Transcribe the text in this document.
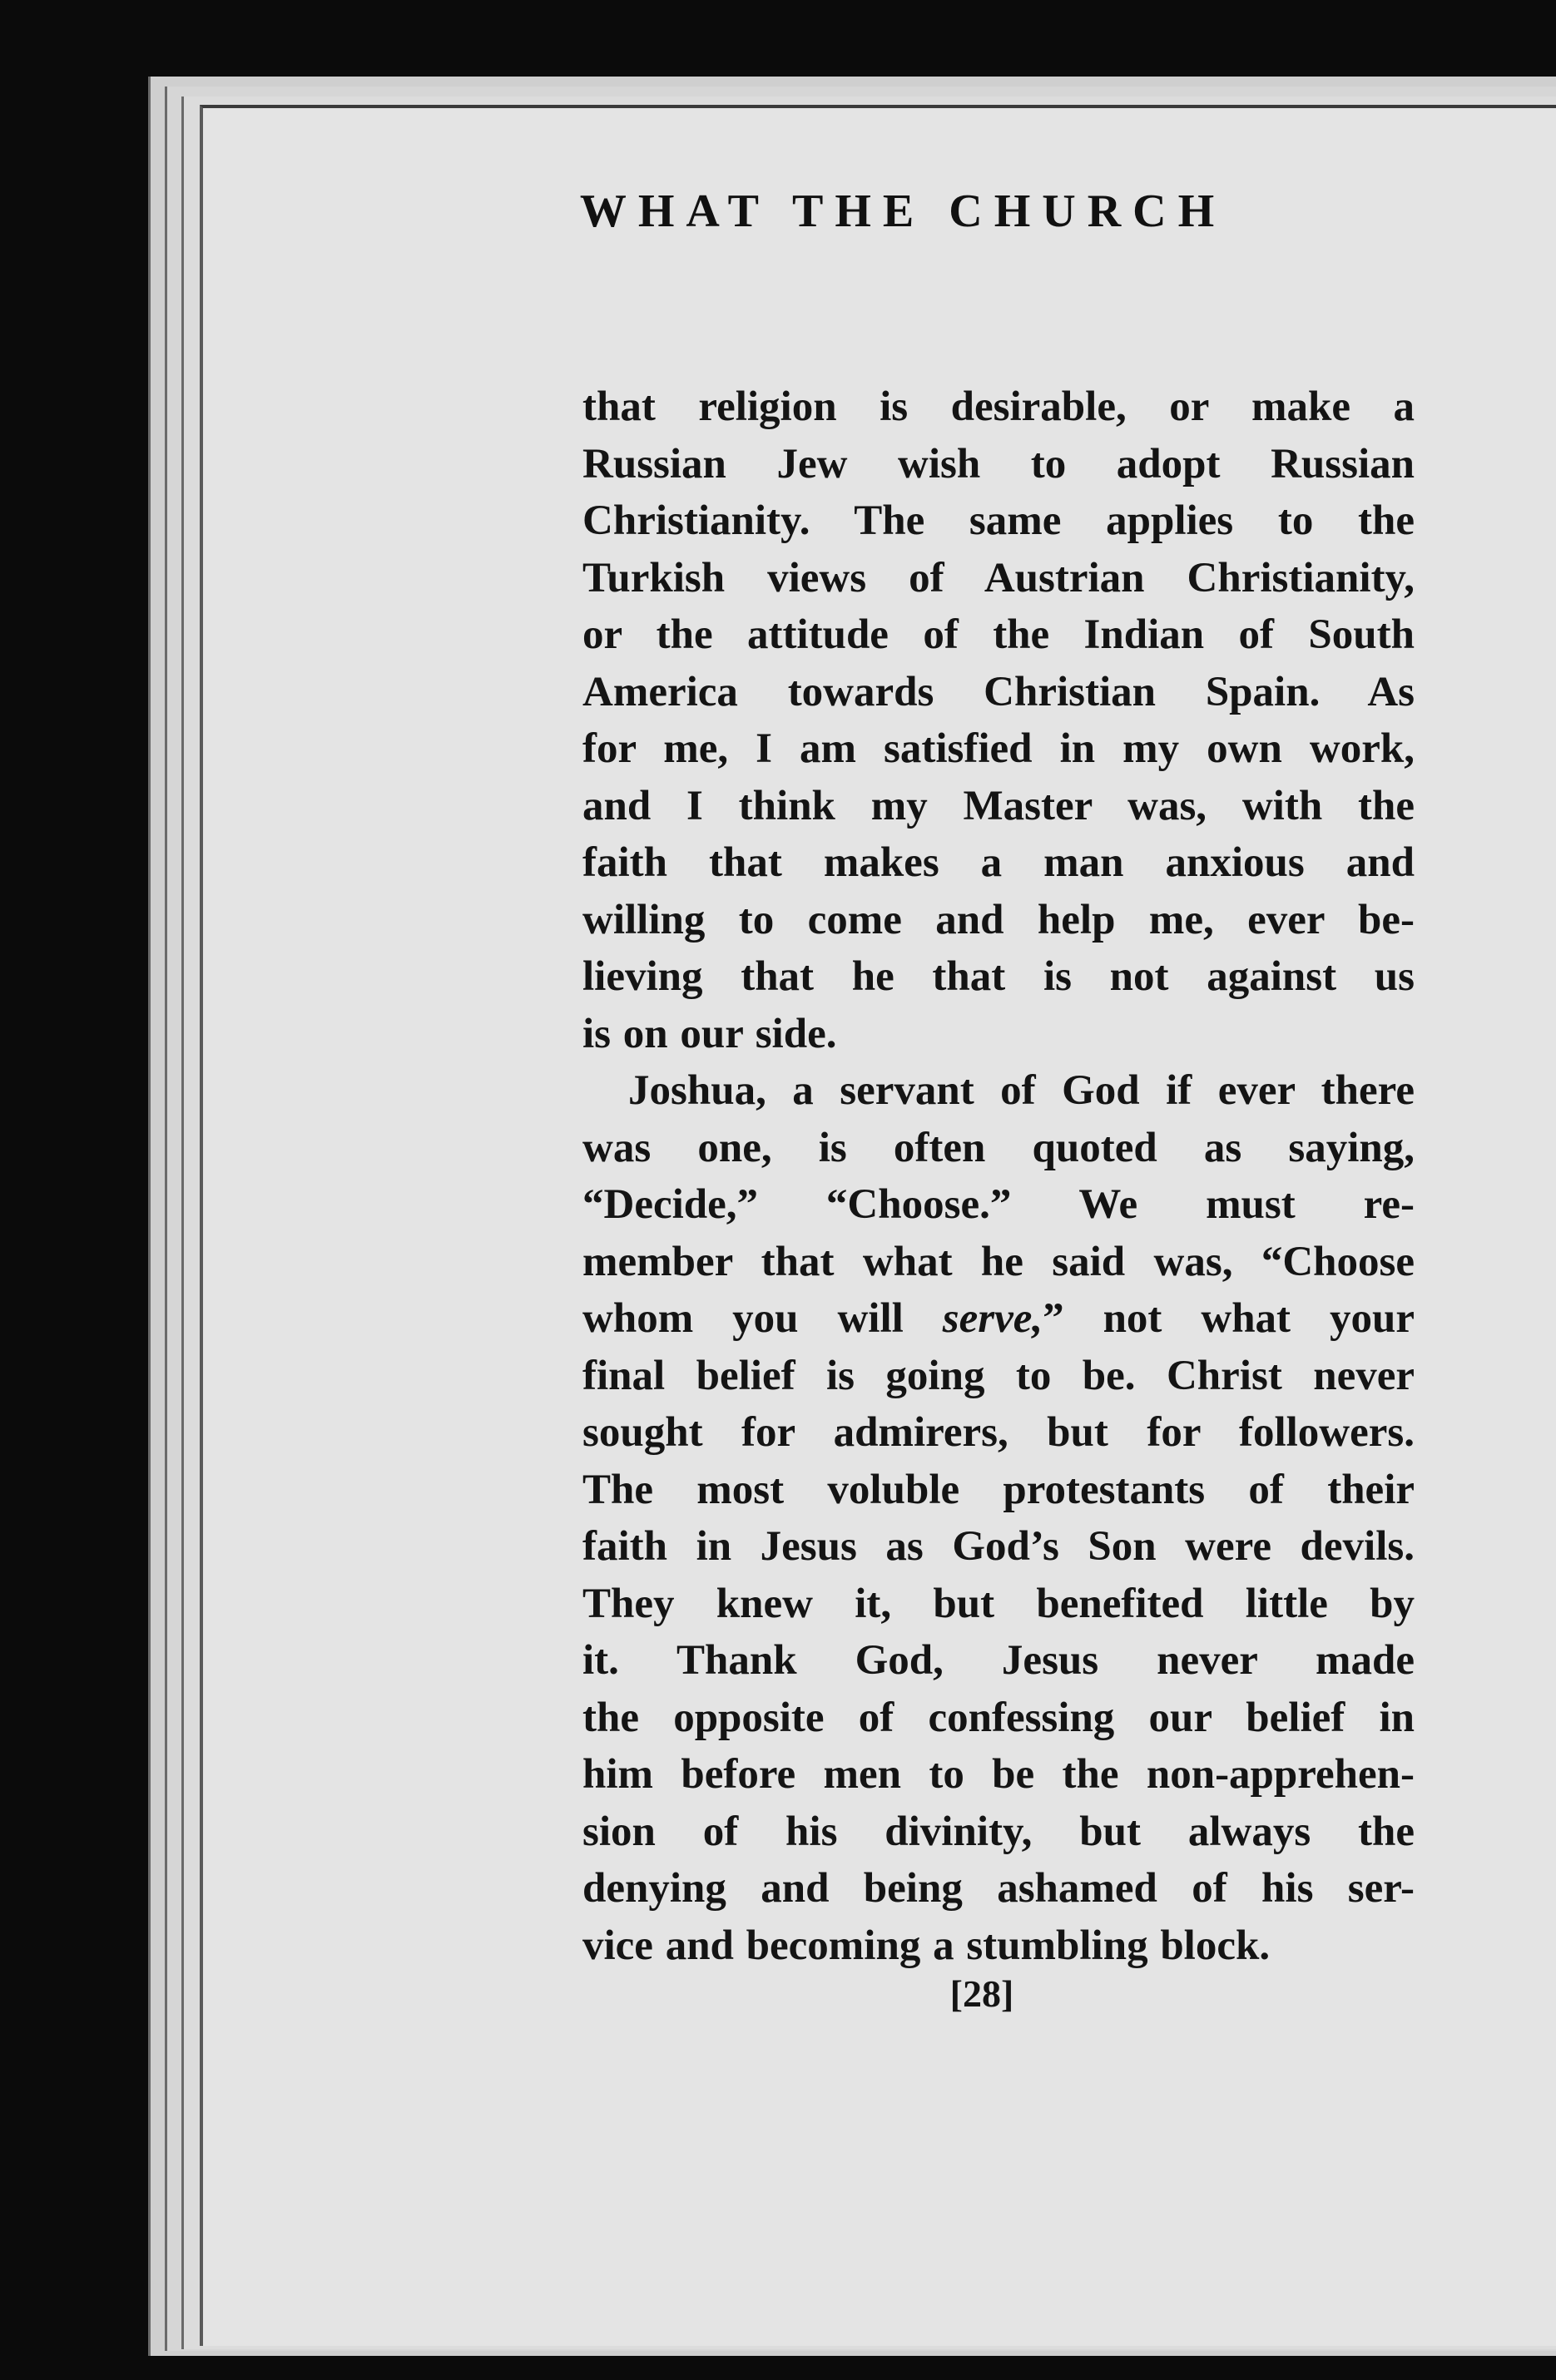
WHAT THE CHURCH
that religion is desirable, or make a
Russian Jew wish to adopt Russian
Christianity. The same applies to the
Turkish views of Austrian Christianity,
or the attitude of the Indian of South
America towards Christian Spain. As
for me, I am satisfied in my own work,
and I think my Master was, with the
faith that makes a man anxious and
willing to come and help me, ever be-
lieving that he that is not against us
is on our side.
Joshua, a servant of God if ever there
was one, is often quoted as saying,
“Decide,” “Choose.” We must re-
member that what he said was, “Choose
whom you will serve,” not what your
final belief is going to be. Christ never
sought for admirers, but for followers.
The most voluble protestants of their
faith in Jesus as God’s Son were devils.
They knew it, but benefited little by
it. Thank God, Jesus never made
the opposite of confessing our belief in
him before men to be the non-apprehen-
sion of his divinity, but always the
denying and being ashamed of his ser-
vice and becoming a stumbling block.
[28]
